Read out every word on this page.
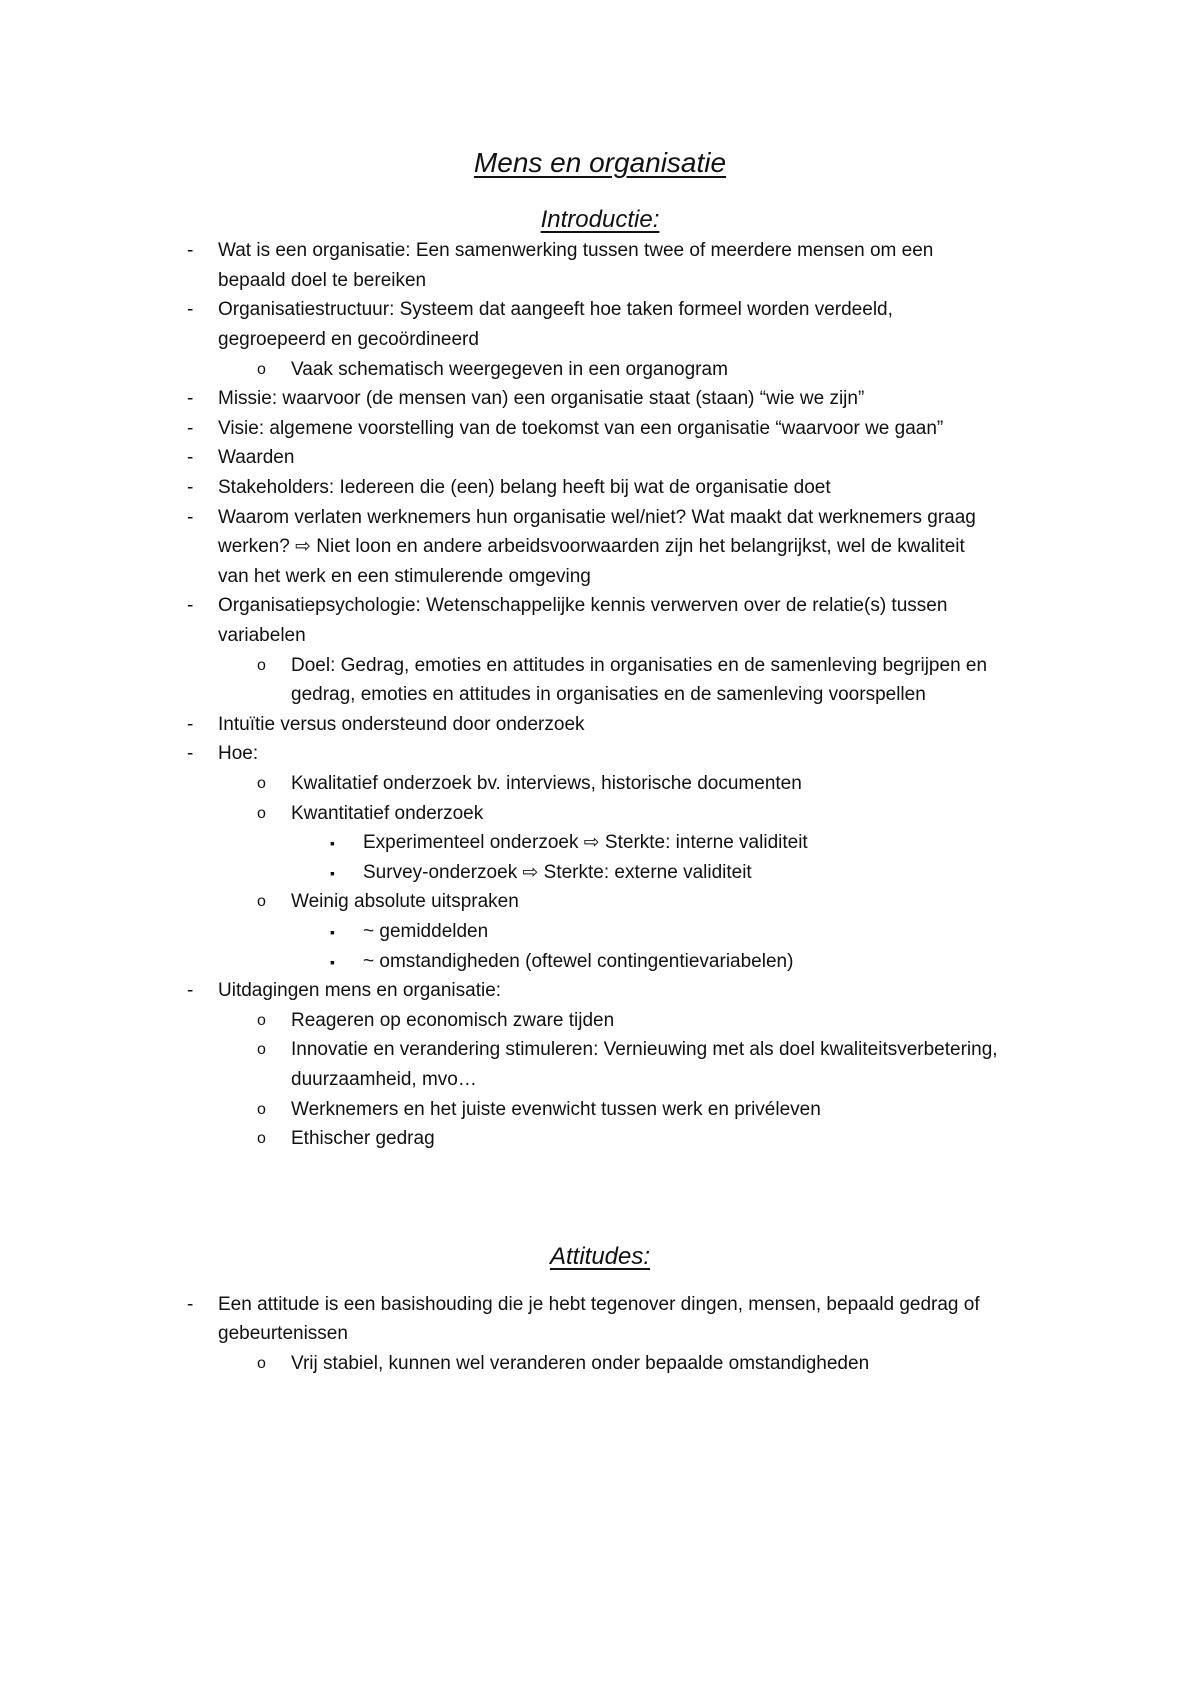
Mens en organisatie
Introductie:
- Wat is een organisatie: Een samenwerking tussen twee of meerdere mensen om een
bepaald doel te bereiken
- Organisatiestructuur: Systeem dat aangeeft hoe taken formeel worden verdeeld,
gegroepeerd en gecoördineerd
o Vaak schematisch weergegeven in een organogram
- Missie: waarvoor (de mensen van) een organisatie staat (staan) “wie we zijn”
- Visie: algemene voorstelling van de toekomst van een organisatie “waarvoor we gaan”
- Waarden
- Stakeholders: Iedereen die (een) belang heeft bij wat de organisatie doet
- Waarom verlaten werknemers hun organisatie wel/niet? Wat maakt dat werknemers graag
werken? ⇨ Niet loon en andere arbeidsvoorwaarden zijn het belangrijkst, wel de kwaliteit
van het werk en een stimulerende omgeving
- Organisatiepsychologie: Wetenschappelijke kennis verwerven over de relatie(s) tussen
variabelen
o Doel: Gedrag, emoties en attitudes in organisaties en de samenleving begrijpen en
gedrag, emoties en attitudes in organisaties en de samenleving voorspellen
- Intuïtie versus ondersteund door onderzoek
- Hoe:
o Kwalitatief onderzoek bv. interviews, historische documenten
o Kwantitatief onderzoek
▪ Experimenteel onderzoek ⇨ Sterkte: interne validiteit
▪ Survey-onderzoek ⇨ Sterkte: externe validiteit
o Weinig absolute uitspraken
▪ ~ gemiddelden
▪ ~ omstandigheden (oftewel contingentievariabelen)
- Uitdagingen mens en organisatie:
o Reageren op economisch zware tijden
o Innovatie en verandering stimuleren: Vernieuwing met als doel kwaliteitsverbetering,
duurzaamheid, mvo…
o Werknemers en het juiste evenwicht tussen werk en privéleven
o Ethischer gedrag
Attitudes:
- Een attitude is een basishouding die je hebt tegenover dingen, mensen, bepaald gedrag of
gebeurtenissen
o Vrij stabiel, kunnen wel veranderen onder bepaalde omstandigheden
